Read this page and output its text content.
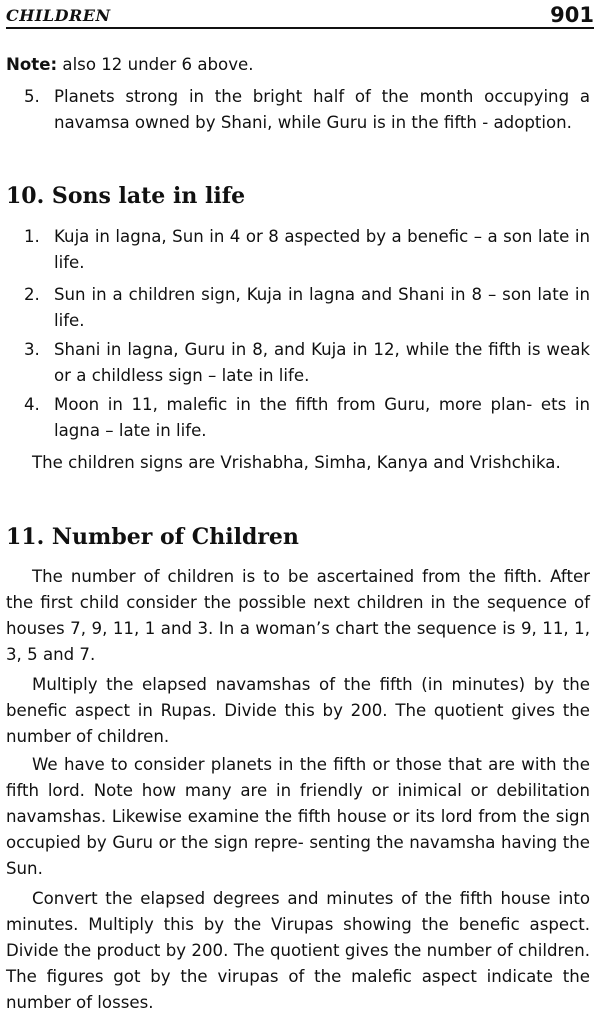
CHILDREN	901

Note: also 12 under 6 above.

5. Planets strong in the bright half of the month occupying a navamsa owned by Shani, while Guru is in the fifth - adoption.
10. Sons late in life
1. Kuja in lagna, Sun in 4 or 8 aspected by a benefic – a son late in life.
2. Sun in a children sign, Kuja in lagna and Shani in 8 – son late in life.
3. Shani in lagna, Guru in 8, and Kuja in 12, while the fifth is weak or a childless sign – late in life.
4. Moon in 11, malefic in the fifth from Guru, more plan- ets in lagna – late in life.

The children signs are Vrishabha, Simha, Kanya and Vrishchika.

11. Number of Children

The number of children is to be ascertained from the fifth. After the first child consider the possible next children in the sequence of houses 7, 9, 11, 1 and 3. In a woman’s chart the sequence is 9, 11, 1, 3, 5 and 7.

Multiply the elapsed navamshas of the fifth (in minutes) by the benefic aspect in Rupas. Divide this by 200. The quotient gives the number of children.

We have to consider planets in the fifth or those that are with the fifth lord. Note how many are in friendly or inimical or debilitation navamshas. Likewise examine the fifth house or its lord from the sign occupied by Guru or the sign repre- senting the navamsha having the Sun.

Convert the elapsed degrees and minutes of the fifth house into minutes. Multiply this by the Virupas showing the benefic aspect. Divide the product by 200. The quotient gives the number of children. The figures got by the virupas of the malefic aspect indicate the number of losses.
